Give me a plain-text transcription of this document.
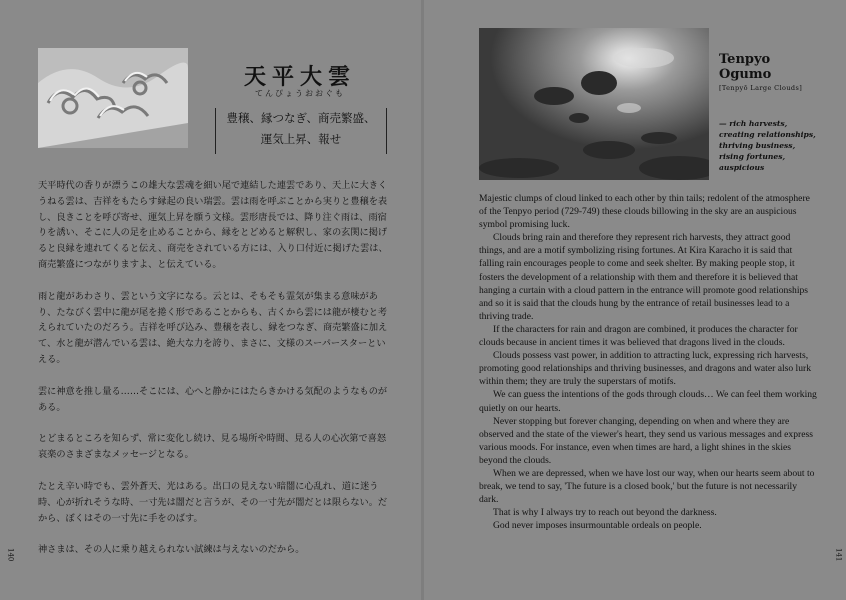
天平大雲
てんぴょうおおぐも
豊穣、縁つなぎ、商売繁盛、
運気上昇、報せ

天平時代の香りが漂うこの雄大な雲魂を細い尾で連結した連雲であり、天上に大きくうねる雲は、吉祥をもたらす縁起の良い瑞雲。雲は雨を呼ぶことから実りと豊穣を表し、良きことを呼び寄せ、運気上昇を願う文様。雲形唐長では、降り注ぐ雨は、雨宿りを誘い、そこに人の足を止めることから、縁をとどめると解釈し、家の玄関に掲げると良縁を連れてくると伝え、商売をされている方には、入り口付近に掲げた雲は、商売繁盛につながりますよ、と伝えている。

雨と龍があわさり、雲という文字になる。云とは、そもそも霊気が集まる意味があり、たなびく雲中に龍が尾を捲く形であることからも、古くから雲には龍が棲むと考えられていたのだろう。吉祥を呼び込み、豊穣を表し、縁をつなぎ、商売繁盛に加えて、水と龍が潜んでいる雲は、絶大な力を誇り、まさに、文様のスーパースターといえる。

雲に神意を推し量る……そこには、心へと静かにはたらきかける気配のようなものがある。

とどまるところを知らず、常に変化し続け、見る場所や時間、見る人の心次第で喜怒哀楽のさまざまなメッセージとなる。

たとえ辛い時でも、雲外蒼天、光はある。出口の見えない暗闇に心乱れ、道に迷う時、心が折れそうな時、一寸先は闇だと言うが、その一寸先が闇だとは限らない。だから、ぼくはその一寸先に手をのばす。

神さまは、その人に乗り越えられない試練は与えないのだから。

140
Tenpyo
Ogumo
[Tenpyō Large Clouds]
— rich harvests,
creating relationships,
thriving business,
rising fortunes,
auspicious

Majestic clumps of cloud linked to each other by thin tails; redolent of the atmosphere of the Tenpyo period (729-749) these clouds billowing in the sky are an auspicious symbol promising luck.

Clouds bring rain and therefore they represent rich harvests, they attract good things, and are a motif symbolizing rising fortunes. At Kira Karacho it is said that falling rain encourages people to come and seek shelter. By making people stop, it fosters the development of a relationship with them and therefore it is believed that hanging a curtain with a cloud pattern in the entrance will promote good relationships and so it is said that the clouds hung by the entrance of retail businesses lead to a thriving trade.

If the characters for rain and dragon are combined, it produces the character for clouds because in ancient times it was believed that dragons lived in the clouds.

Clouds possess vast power, in addition to attracting luck, expressing rich harvests, promoting good relationships and thriving businesses, and dragons and water also lurk within them; they are truly the superstars of motifs.

We can guess the intentions of the gods through clouds… We can feel them working quietly on our hearts.

Never stopping but forever changing, depending on when and where they are observed and the state of the viewer's heart, they send us various messages and express various moods. For instance, even when times are hard, a light shines in the skies beyond the clouds.

When we are depressed, when we have lost our way, when our hearts seem about to break, we tend to say, 'The future is a closed book,' but the future is not necessarily dark.

That is why I always try to reach out beyond the darkness.

God never imposes insurmountable ordeals on people.

141
